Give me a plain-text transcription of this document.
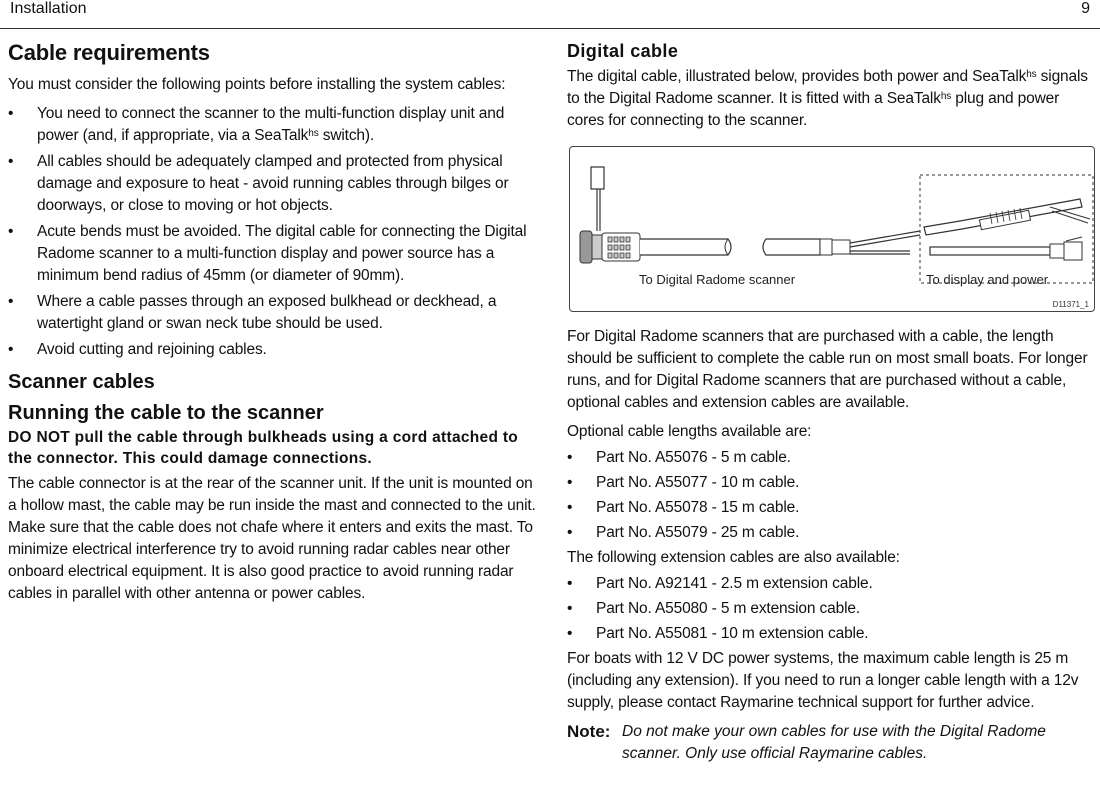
Installation	9
Cable requirements

You must consider the following points before installing the system cables:

• You need to connect the scanner to the multi-function display unit and power (and, if appropriate, via a SeaTalk$^{hs}$ switch).
• All cables should be adequately clamped and protected from physical damage and exposure to heat - avoid running cables through bilges or doorways, or close to moving or hot objects.
• Acute bends must be avoided. The digital cable for connecting the Digital Radome scanner to a multi-function display and power source has a minimum bend radius of 45mm (or diameter of 90mm).
• Where a cable passes through an exposed bulkhead or deckhead, a watertight gland or swan neck tube should be used.
• Avoid cutting and rejoining cables.
Scanner cables
Running the cable to the scanner
DO NOT pull the cable through bulkheads using a cord attached to the connector. This could damage connections.

The cable connector is at the rear of the scanner unit. If the unit is mounted on a hollow mast, the cable may be run inside the mast and connected to the unit. Make sure that the cable does not chafe where it enters and exits the mast. To minimize electrical interference try to avoid running radar cables near other onboard electrical equipment. It is also good practice to avoid running radar cables in parallel with other antenna or power cables.

Digital cable

The digital cable, illustrated below, provides both power and SeaTalk$^{hs}$ signals to the Digital Radome scanner. It is fitted with a SeaTalk$^{hs}$ plug and power cores for connecting to the scanner.

To Digital Radome scanner	To display and power
D11371_1

For Digital Radome scanners that are purchased with a cable, the length should be sufficient to complete the cable run on most small boats. For longer runs, and for Digital Radome scanners that are purchased without a cable, optional cables and extension cables are available.

Optional cable lengths available are:

• Part No. A55076 - 5 m cable.
• Part No. A55077 - 10 m cable.
• Part No. A55078 - 15 m cable.
• Part No. A55079 - 25 m cable.

The following extension cables are also available:

• Part No. A92141 - 2.5 m extension cable.
• Part No. A55080 - 5 m extension cable.
• Part No. A55081 - 10 m extension cable.

For boats with 12 V DC power systems, the maximum cable length is 25 m (including any extension). If you need to run a longer cable length with a 12v supply, please contact Raymarine technical support for further advice.

Note: Do not make your own cables for use with the Digital Radome scanner. Only use official Raymarine cables.
